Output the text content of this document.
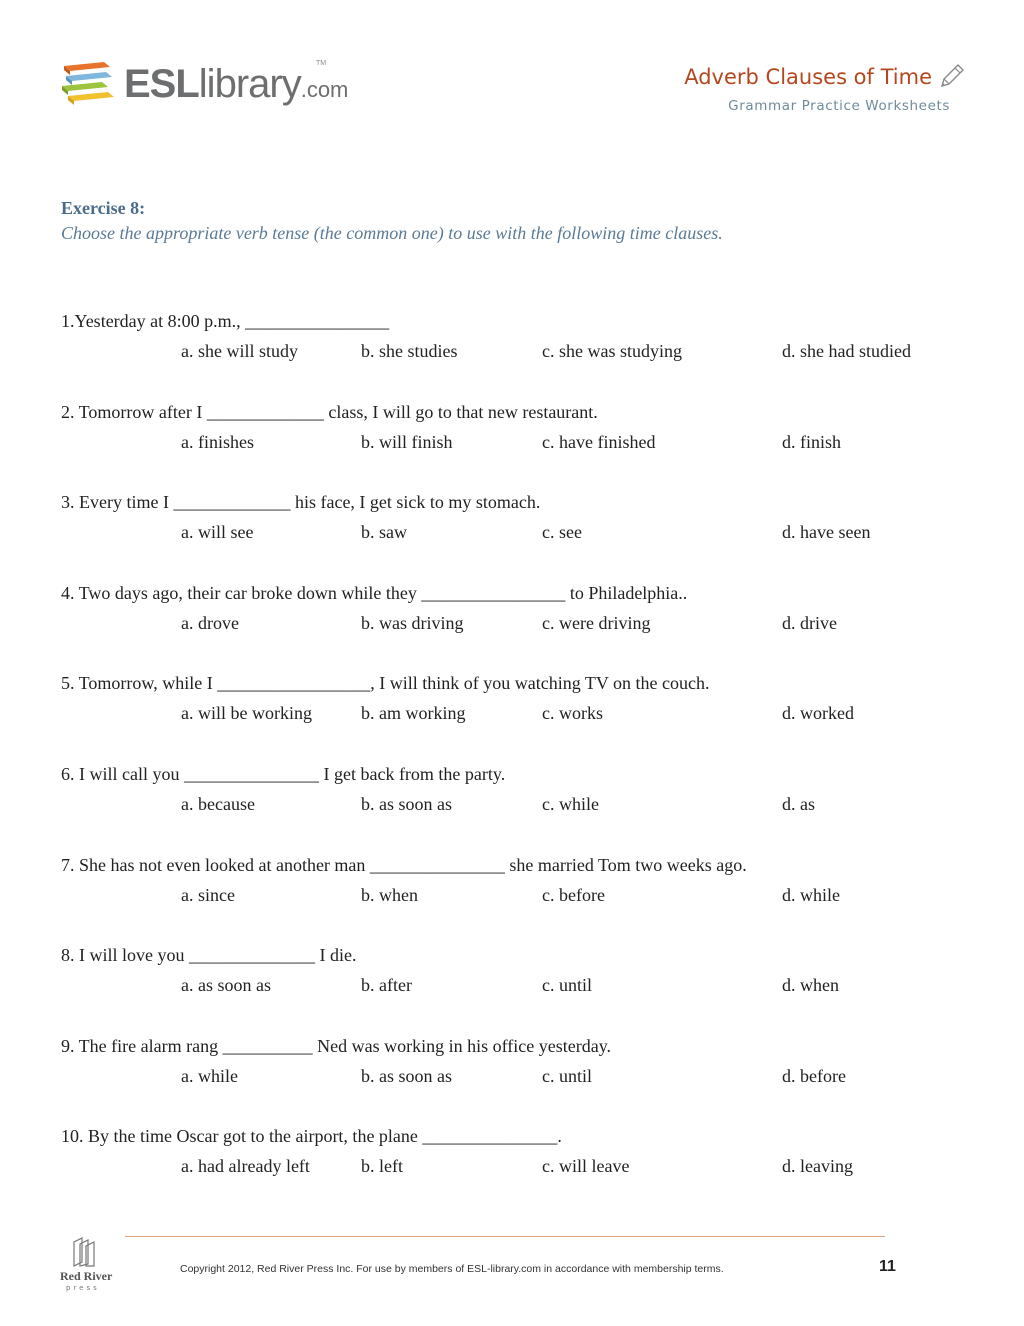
ESLlibrary.com
TM
Adverb Clauses of Time
Grammar Practice Worksheets
Exercise 8:
Choose the appropriate verb tense (the common one) to use with the following time clauses.
1.Yesterday at 8:00 p.m., ________________
a. she will study	b. she studies	c. she was studying	d. she had studied
2. Tomorrow after I _____________ class, I will go to that new restaurant.
a. finishes	b. will finish	c. have finished	d. finish
3. Every time I _____________ his face, I get sick to my stomach.
a. will see	b. saw	c. see	d. have seen
4. Two days ago, their car broke down while they ________________ to Philadelphia..
a. drove	b. was driving	c. were driving	d. drive
5. Tomorrow, while I _________________, I will think of you watching TV on the couch.
a. will be working	b. am working	c. works	d. worked
6. I will call you _______________ I get back from the party.
a. because	b. as soon as	c. while	d. as
7. She has not even looked at another man _______________ she married Tom two weeks ago.
a. since	b. when	c. before	d. while
8. I will love you ______________ I die.
a. as soon as	b. after	c. until	d. when
9. The fire alarm rang __________ Ned was working in his office yesterday.
a. while	b. as soon as	c. until	d. before
10. By the time Oscar got to the airport, the plane _______________.
a. had already left	b. left	c. will leave	d. leaving
Red River
press
Copyright 2012, Red River Press Inc. For use by members of ESL-library.com in accordance with membership terms.	11
